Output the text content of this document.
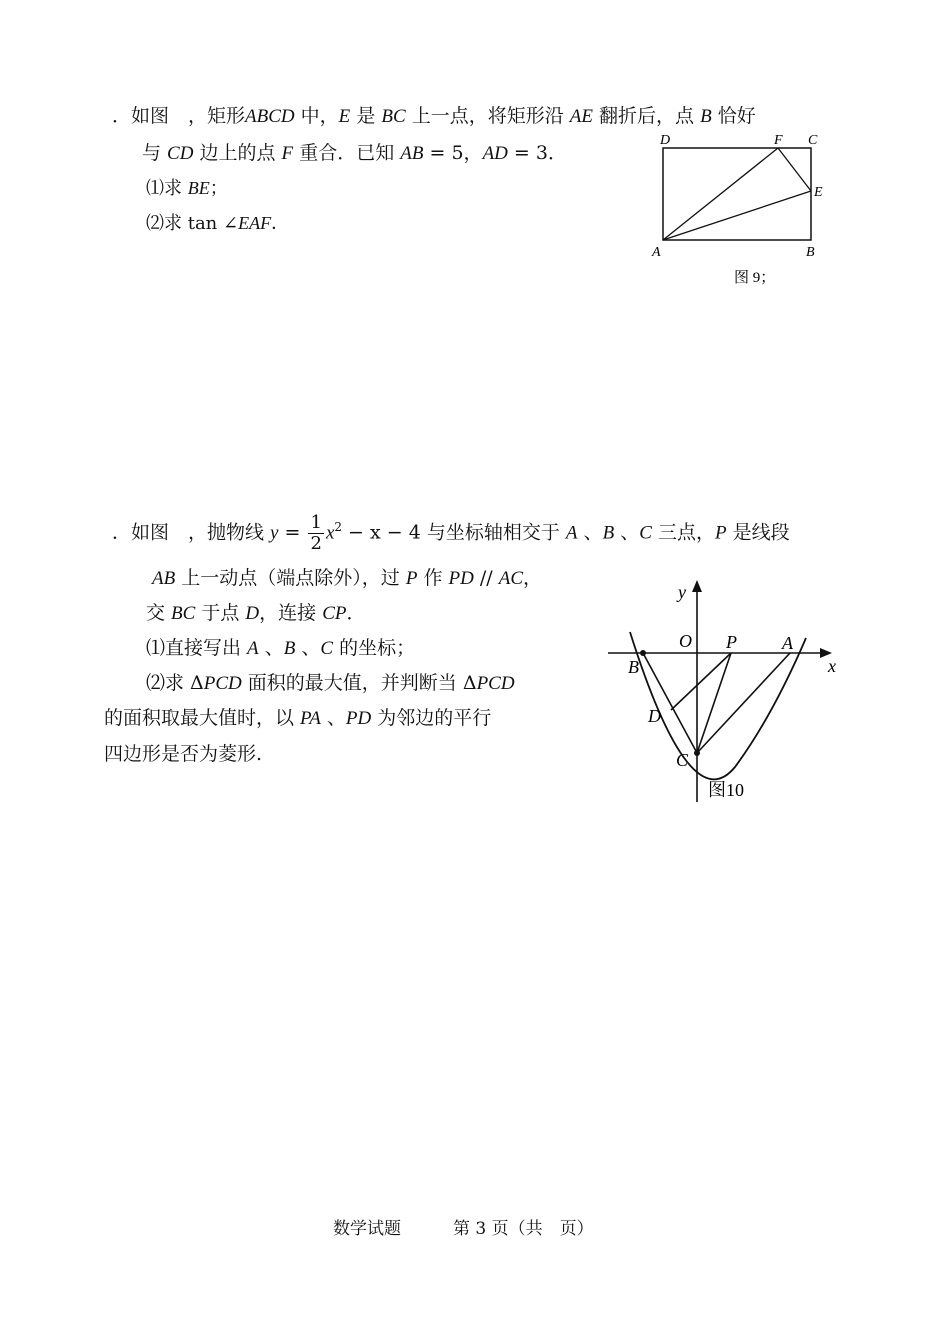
．如图　，矩形ABCD 中，E 是 BC 上一点，将矩形沿 AE 翻折后，点 B 恰好
与 CD 边上的点 F 重合．已知 AB = 5，AD = 3．
⑴求 BE；
⑵求 tan ∠EAF．
D	F C
E
A	B
图 9；
．如图　，抛物线 $y = \frac{1}{2} x^2 - x - 4$ 与坐标轴相交于 A 、B 、C 三点，P 是线段
AB 上一动点（端点除外），过 P 作 PD // AC，
交 BC 于点 D，连接 CP．
⑴直接写出 A 、B 、C 的坐标；
⑵求 ΔPCD 面积的最大值，并判断当 ΔPCD
的面积取最大值时，以 PA 、PD 为邻边的平行
四边形是否为菱形.
y
x
O P	A
B
D
C
图10
数学试题	第 3 页（共　页）
